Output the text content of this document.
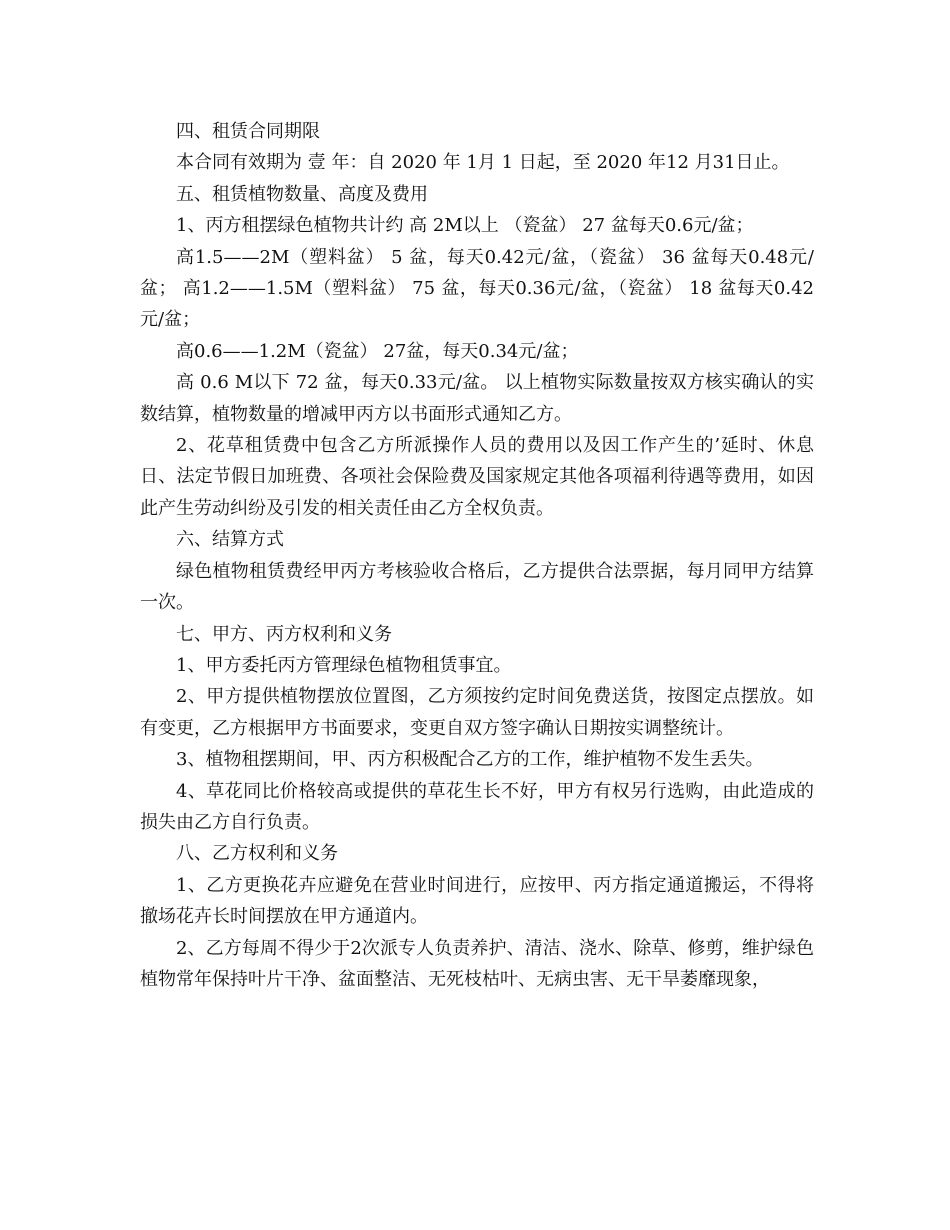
四、租赁合同期限

本合同有效期为 壹 年：自 2020 年 1月 1 日起，至 2020 年12 月31日止。

五、租赁植物数量、高度及费用

1、丙方租摆绿色植物共计约 高 2M以上 （瓷盆） 27 盆每天0.6元/盆；

高1.5——2M（塑料盆） 5 盆，每天0.42元/盆，（瓷盆） 36 盆每天0.48元/盆； 高1.2——1.5M（塑料盆） 75 盆，每天0.36元/盆，（瓷盆） 18 盆每天0.42元/盆；

高0.6——1.2M（瓷盆） 27盆，每天0.34元/盆；

高 0.6 M以下 72 盆，每天0.33元/盆。 以上植物实际数量按双方核实确认的实数结算，植物数量的增减甲丙方以书面形式通知乙方。

2、花草租赁费中包含乙方所派操作人员的费用以及因工作产生的’延时、休息日、法定节假日加班费、各项社会保险费及国家规定其他各项福利待遇等费用，如因此产生劳动纠纷及引发的相关责任由乙方全权负责。

六、结算方式

绿色植物租赁费经甲丙方考核验收合格后，乙方提供合法票据，每月同甲方结算一次。

七、甲方、丙方权利和义务

1、甲方委托丙方管理绿色植物租赁事宜。

2、甲方提供植物摆放位置图，乙方须按约定时间免费送货，按图定点摆放。如有变更，乙方根据甲方书面要求，变更自双方签字确认日期按实调整统计。

3、植物租摆期间，甲、丙方积极配合乙方的工作，维护植物不发生丢失。

4、草花同比价格较高或提供的草花生长不好，甲方有权另行选购，由此造成的损失由乙方自行负责。

八、乙方权利和义务

1、乙方更换花卉应避免在营业时间进行，应按甲、丙方指定通道搬运，不得将撤场花卉长时间摆放在甲方通道内。

2、乙方每周不得少于2次派专人负责养护、清洁、浇水、除草、修剪，维护绿色植物常年保持叶片干净、盆面整洁、无死枝枯叶、无病虫害、无干旱萎靡现象，
